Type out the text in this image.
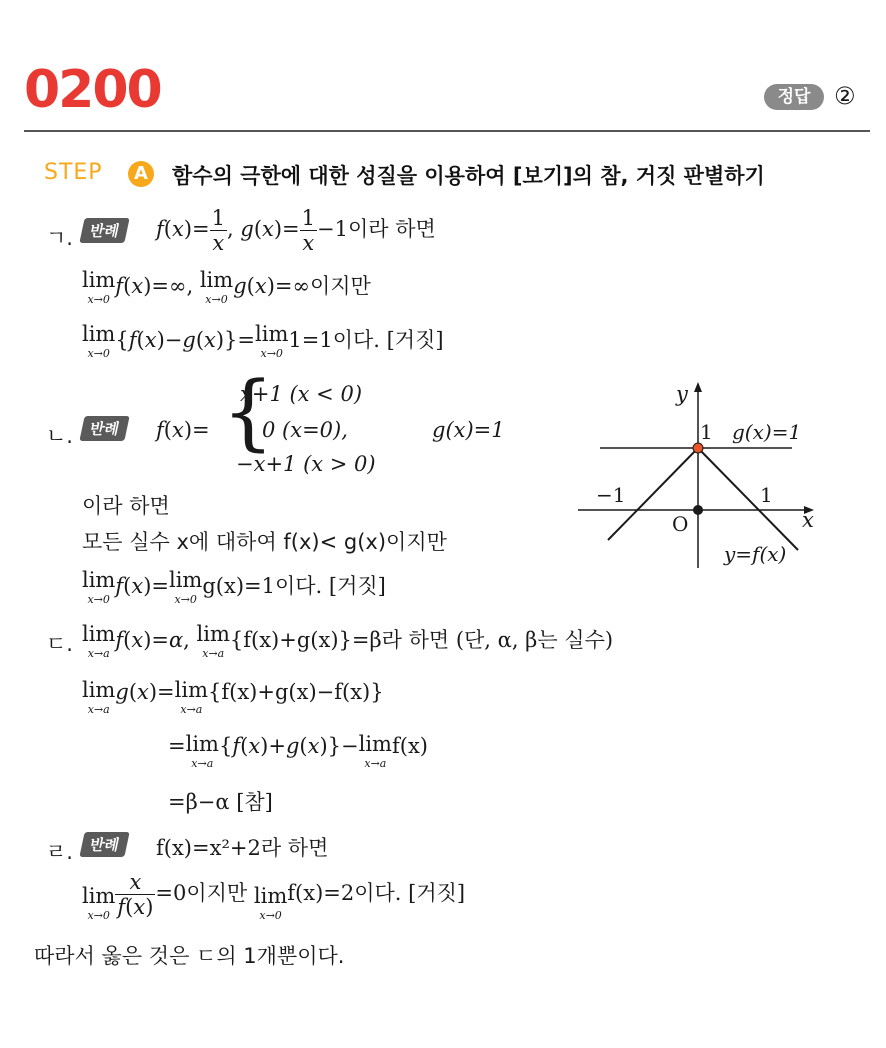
0200	정답 ②
STEP	A 함수의 극한에 대한 성질을 이용하여 [보기]의 참, 거짓 판별하기
ㄱ.	반례 $f(x)= \frac{1}{x}$ , $g(x)= \frac{1}{x} -1$이라 하면
lim
x→0
f(x)=∞, lim
x→0
g(x)=∞이지만
lim
x→0
{f(x)−g(x)}=lim
x→0
1=1이다. [거짓]
ㄴ.	반례 f(x)= {
x+1 (x < 0)
0 (x=0),
−x+1 (x > 0)
g(x)=1
이라 하면
모든 실수 x에 대하여 f(x)< g(x)이지만
lim
x→0
f(x)=lim
x→0
g(x)=1이다. [거짓]
y
1 g(x)=1
−1	1
O	x
y=f(x)
ㄷ. lim
x→a
f(x)=α, lim
x→a
{f(x)+g(x)}=β라 하면 (단, α, β는 실수)
lim
x→a
g(x)=lim
x→a
{f(x)+g(x)−f(x)}
=lim
x→a
{f(x)+g(x)}−lim
x→a
f(x)
=β−α [참]
ㄹ.	반례 f(x)=x²+2라 하면
lim
$x\to 0 \frac{x}{f(x)} =0$이지만 lim
x→0
f(x)=2이다. [거짓]
따라서 옳은 것은 ㄷ의 1개뿐이다.
